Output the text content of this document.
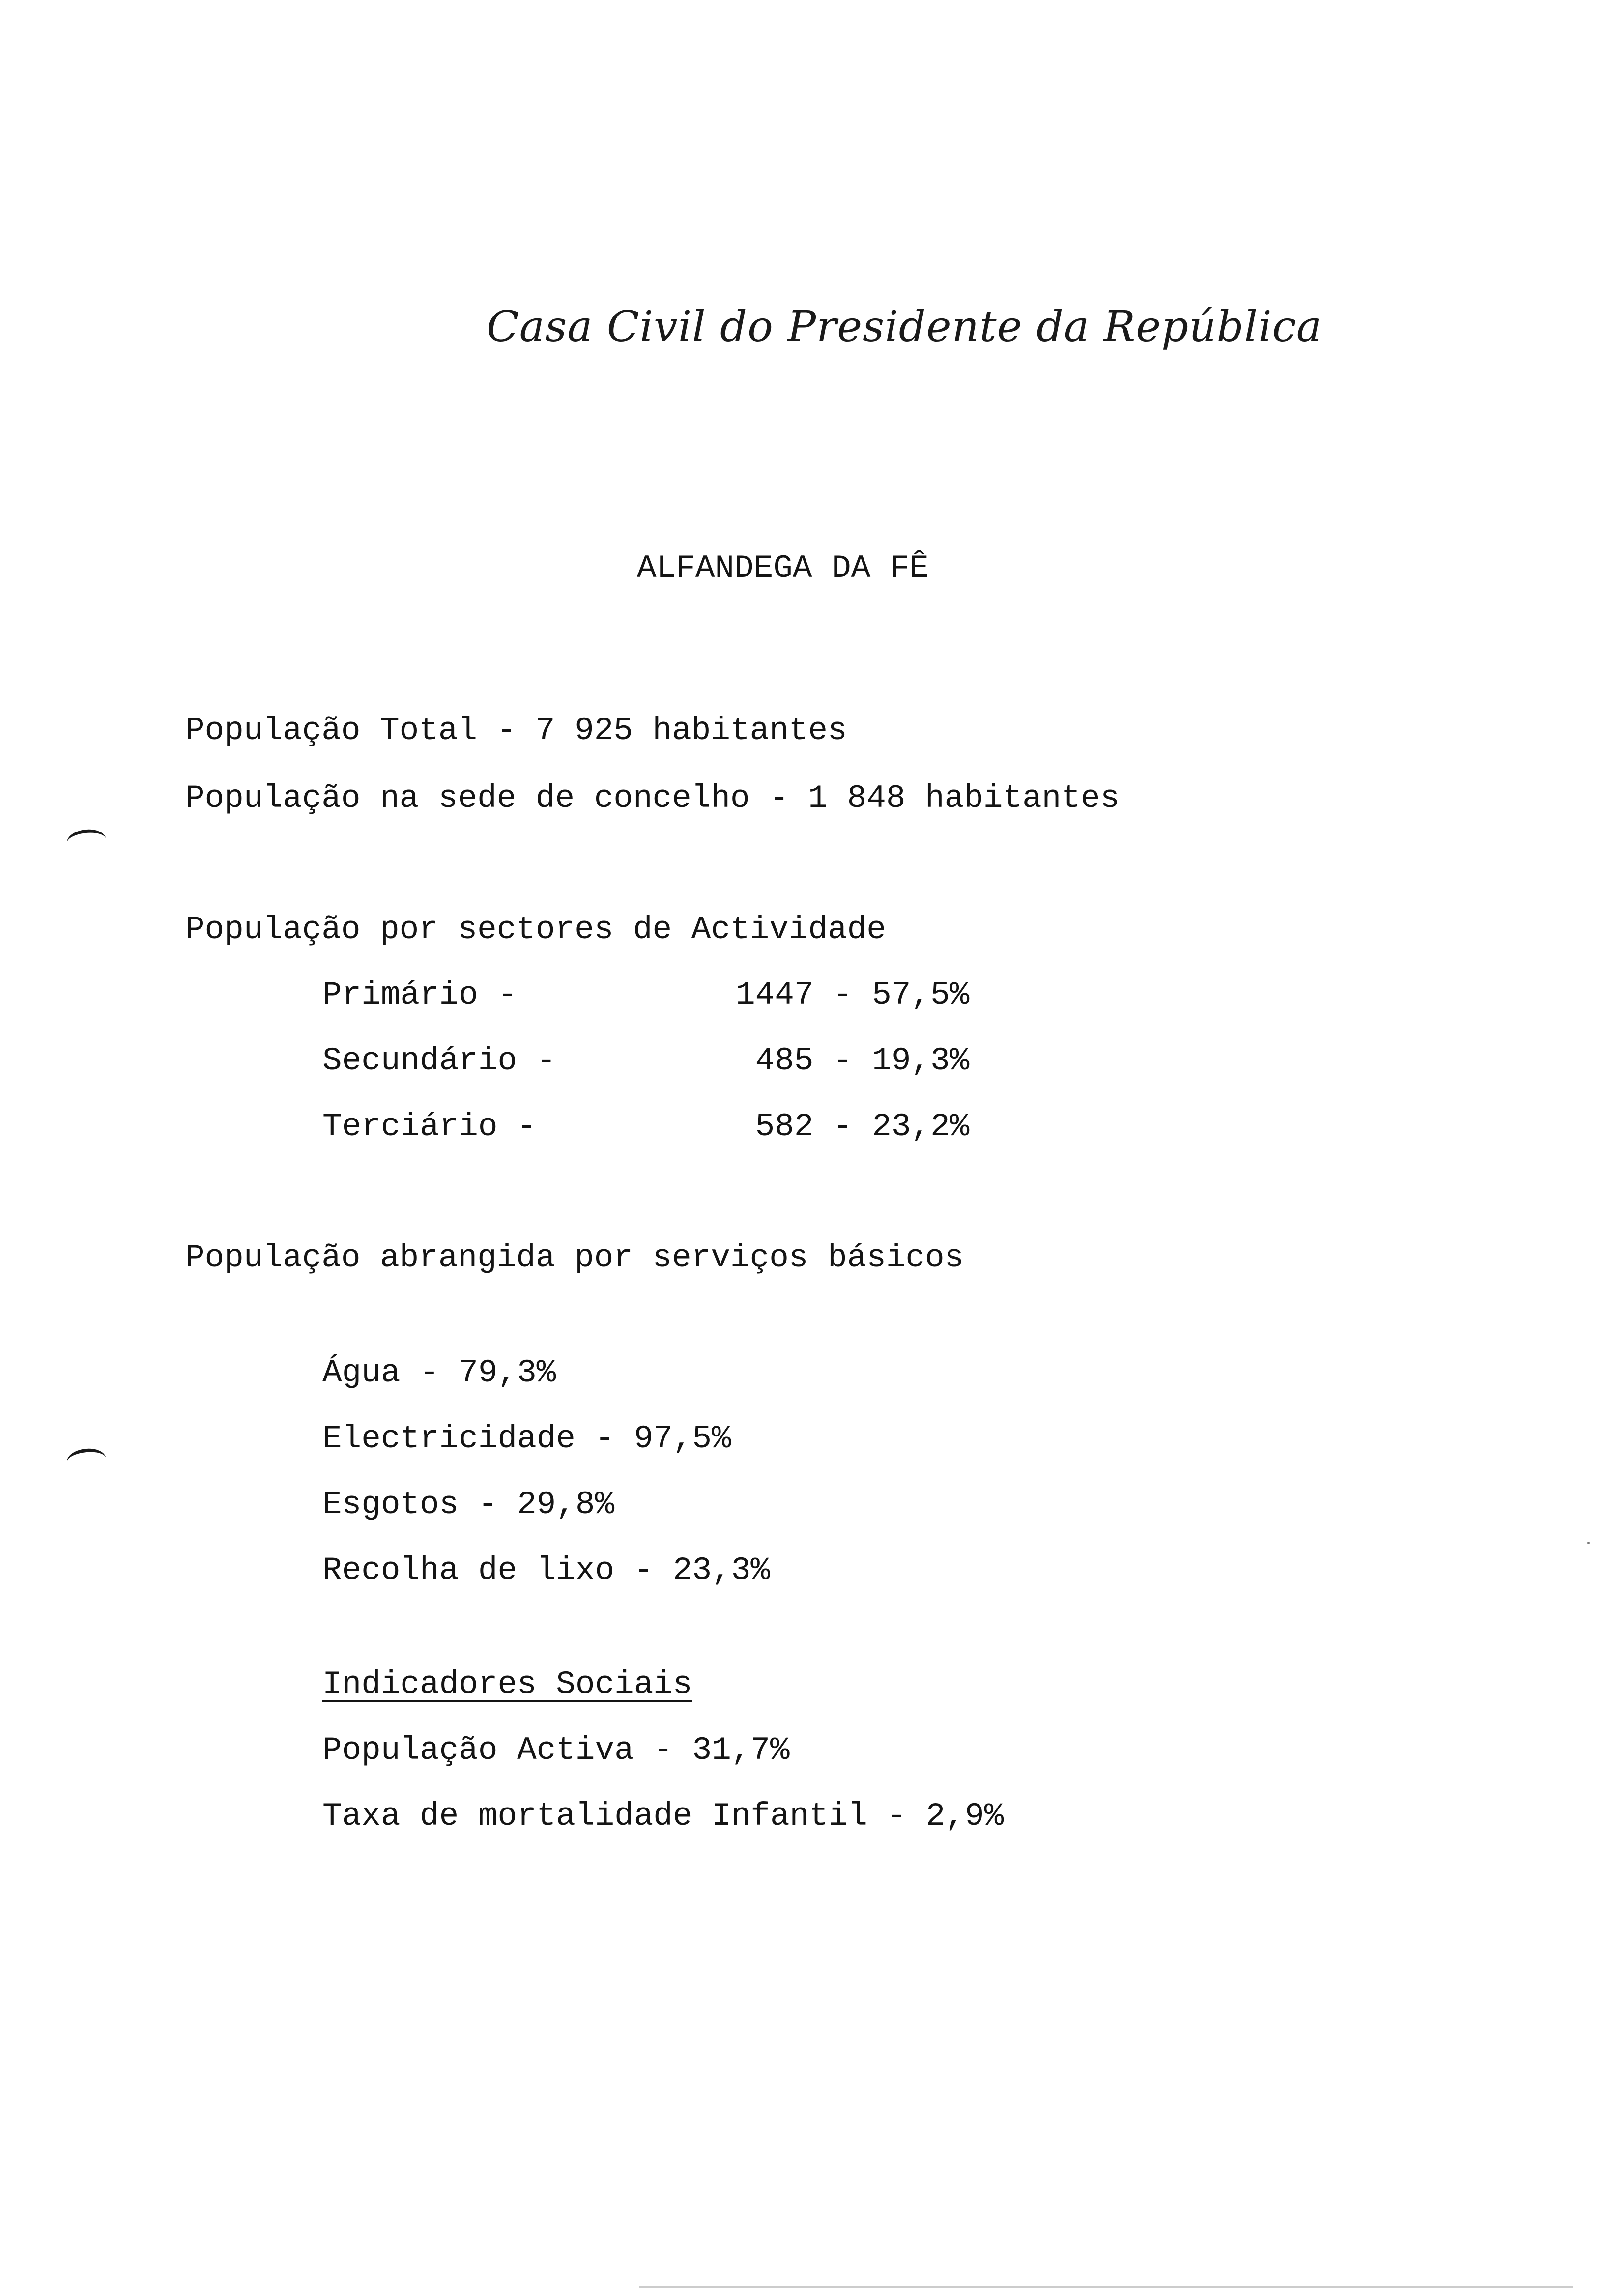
Casa Civil do Presidente da República
ALFANDEGA DA FÊ
População Total - 7 925 habitantes
População na sede de concelho - 1 848 habitantes
População por sectores de Actividade
Primário -	1447 - 57,5%
Secundário -	485 - 19,3%
Terciário -	582 - 23,2%
População abrangida por serviços básicos
Água - 79,3%
Electricidade - 97,5%
Esgotos - 29,8%
Recolha de lixo - 23,3%
Indicadores Sociais
População Activa - 31,7%
Taxa de mortalidade Infantil - 2,9%
